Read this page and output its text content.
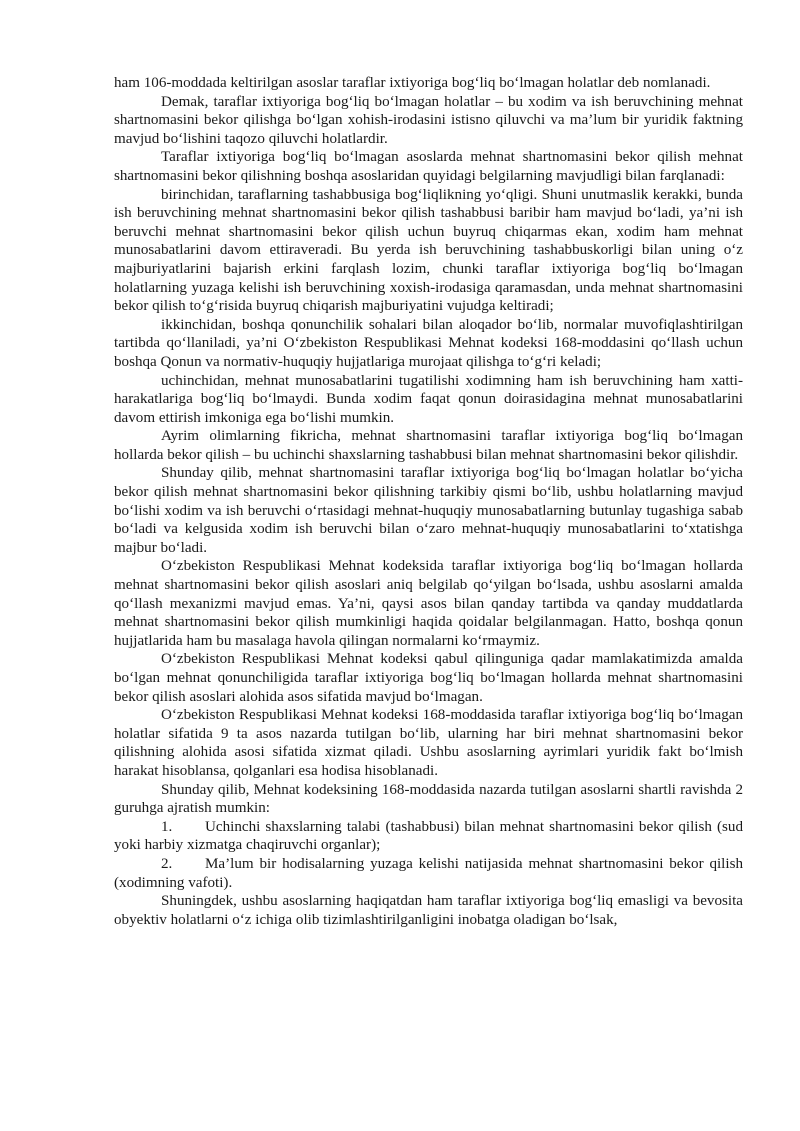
ham 106-moddada keltirilgan asoslar taraflar ixtiyoriga bog‘liq bo‘lmagan holatlar deb nomlanadi.

Demak, taraflar ixtiyoriga bog‘liq bo‘lmagan holatlar – bu xodim va ish beruvchining mehnat shartnomasini bekor qilishga bo‘lgan xohish-irodasini istisno qiluvchi va ma’lum bir yuridik faktning mavjud bo‘lishini taqozo qiluvchi holatlardir.

Taraflar ixtiyoriga bog‘liq bo‘lmagan asoslarda mehnat shartnomasini bekor qilish mehnat shartnomasini bekor qilishning boshqa asoslaridan quyidagi belgilarning mavjudligi bilan farqlanadi:

birinchidan, taraflarning tashabbusiga bog‘liqlikning yo‘qligi. Shuni unutmaslik kerakki, bunda ish beruvchining mehnat shartnomasini bekor qilish tashabbusi baribir ham mavjud bo‘ladi, ya’ni ish beruvchi mehnat shartnomasini bekor qilish uchun buyruq chiqarmas ekan, xodim ham mehnat munosabatlarini davom ettiraveradi. Bu yerda ish beruvchining tashabbuskorligi bilan uning o‘z majburiyatlarini bajarish erkini farqlash lozim, chunki taraflar ixtiyoriga bog‘liq bo‘lmagan holatlarning yuzaga kelishi ish beruvchining xoxish-irodasiga qaramasdan, unda mehnat shartnomasini bekor qilish to‘g‘risida buyruq chiqarish majburiyatini vujudga keltiradi;

ikkinchidan, boshqa qonunchilik sohalari bilan aloqador bo‘lib, normalar muvofiqlashtirilgan tartibda qo‘llaniladi, ya’ni O‘zbekiston Respublikasi Mehnat kodeksi 168-moddasini qo‘llash uchun boshqa Qonun va normativ-huquqiy hujjatlariga murojaat qilishga to‘g‘ri keladi;

uchinchidan, mehnat munosabatlarini tugatilishi xodimning ham ish beruvchining ham xatti-harakatlariga bog‘liq bo‘lmaydi. Bunda xodim faqat qonun doirasidagina mehnat munosabatlarini davom ettirish imkoniga ega bo‘lishi mumkin.

Ayrim olimlarning fikricha, mehnat shartnomasini taraflar ixtiyoriga bog‘liq bo‘lmagan hollarda bekor qilish – bu uchinchi shaxslarning tashabbusi bilan mehnat shartnomasini bekor qilishdir.

Shunday qilib, mehnat shartnomasini taraflar ixtiyoriga bog‘liq bo‘lmagan holatlar bo‘yicha bekor qilish mehnat shartnomasini bekor qilishning tarkibiy qismi bo‘lib, ushbu holatlarning mavjud bo‘lishi xodim va ish beruvchi o‘rtasidagi mehnat-huquqiy munosabatlarning butunlay tugashiga sabab bo‘ladi va kelgusida xodim ish beruvchi bilan o‘zaro mehnat-huquqiy munosabatlarini to‘xtatishga majbur bo‘ladi.

O‘zbekiston Respublikasi Mehnat kodeksida taraflar ixtiyoriga bog‘liq bo‘lmagan hollarda mehnat shartnomasini bekor qilish asoslari aniq belgilab qo‘yilgan bo‘lsada, ushbu asoslarni amalda qo‘llash mexanizmi mavjud emas. Ya’ni, qaysi asos bilan qanday tartibda va qanday muddatlarda mehnat shartnomasini bekor qilish mumkinligi haqida qoidalar belgilanmagan. Hatto, boshqa qonun hujjatlarida ham bu masalaga havola qilingan normalarni ko‘rmaymiz.

O‘zbekiston Respublikasi Mehnat kodeksi qabul qilinguniga qadar mamlakatimizda amalda bo‘lgan mehnat qonunchiligida taraflar ixtiyoriga bog‘liq bo‘lmagan hollarda mehnat shartnomasini bekor qilish asoslari alohida asos sifatida mavjud bo‘lmagan.

O‘zbekiston Respublikasi Mehnat kodeksi 168-moddasida taraflar ixtiyoriga bog‘liq bo‘lmagan holatlar sifatida 9 ta asos nazarda tutilgan bo‘lib, ularning har biri mehnat shartnomasini bekor qilishning alohida asosi sifatida xizmat qiladi. Ushbu asoslarning ayrimlari yuridik fakt bo‘lmish harakat hisoblansa, qolganlari esa hodisa hisoblanadi.

Shunday qilib, Mehnat kodeksining 168-moddasida nazarda tutilgan asoslarni shartli ravishda 2 guruhga ajratish mumkin:

1. Uchinchi shaxslarning talabi (tashabbusi) bilan mehnat shartnomasini bekor qilish (sud yoki harbiy xizmatga chaqiruvchi organlar);

2. Ma’lum bir hodisalarning yuzaga kelishi natijasida mehnat shartnomasini bekor qilish (xodimning vafoti).

Shuningdek, ushbu asoslarning haqiqatdan ham taraflar ixtiyoriga bog‘liq emasligi va bevosita obyektiv holatlarni o‘z ichiga olib tizimlashtirilganligini inobatga oladigan bo‘lsak,
